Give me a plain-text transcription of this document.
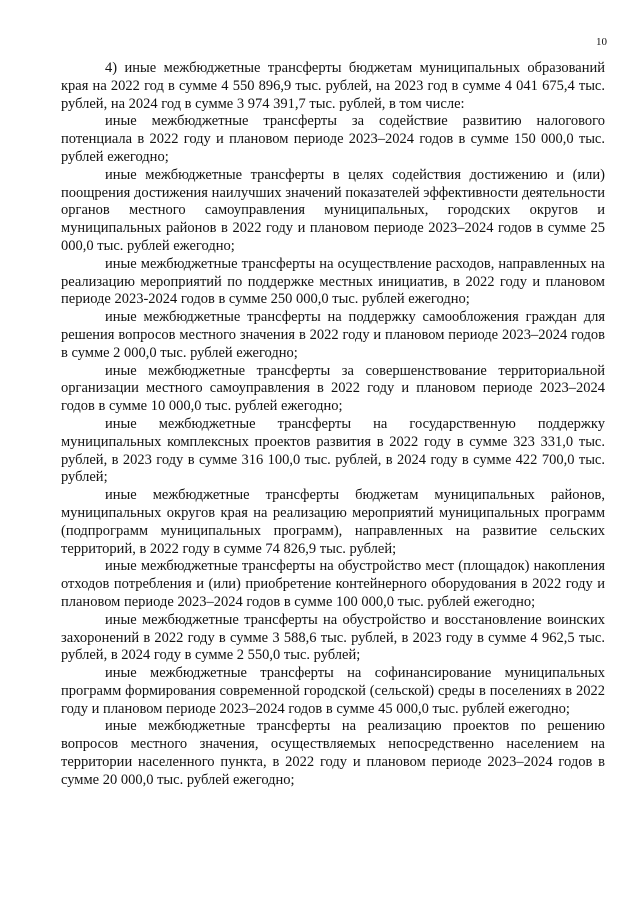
10

4) иные межбюджетные трансферты бюджетам муниципальных образований края на 2022 год в сумме 4 550 896,9 тыс. рублей, на 2023 год в сумме 4 041 675,4 тыс. рублей, на 2024 год в сумме 3 974 391,7 тыс. рублей, в том числе:

иные межбюджетные трансферты за содействие развитию налогового потенциала в 2022 году и плановом периоде 2023–2024 годов в сумме 150 000,0 тыс. рублей ежегодно;

иные межбюджетные трансферты в целях содействия достижению и (или) поощрения достижения наилучших значений показателей эффективности деятельности органов местного самоуправления муниципальных, городских округов и муниципальных районов в 2022 году и плановом периоде 2023–2024 годов в сумме 25 000,0 тыс. рублей ежегодно;

иные межбюджетные трансферты на осуществление расходов, направленных на реализацию мероприятий по поддержке местных инициатив, в 2022 году и плановом периоде 2023-2024 годов в сумме 250 000,0 тыс. рублей ежегодно;

иные межбюджетные трансферты на поддержку самообложения граждан для решения вопросов местного значения в 2022 году и плановом периоде 2023–2024 годов в сумме 2 000,0 тыс. рублей ежегодно;

иные межбюджетные трансферты за совершенствование территориальной организации местного самоуправления в 2022 году и плановом периоде 2023–2024 годов в сумме 10 000,0 тыс. рублей ежегодно;

иные межбюджетные трансферты на государственную поддержку муниципальных комплексных проектов развития в 2022 году в сумме 323 331,0 тыс. рублей, в 2023 году в сумме 316 100,0 тыс. рублей, в 2024 году в сумме 422 700,0 тыс. рублей;

иные межбюджетные трансферты бюджетам муниципальных районов, муниципальных округов края на реализацию мероприятий муниципальных программ (подпрограмм муниципальных программ), направленных на развитие сельских территорий, в 2022 году в сумме 74 826,9 тыс. рублей;

иные межбюджетные трансферты на обустройство мест (площадок) накопления отходов потребления и (или) приобретение контейнерного оборудования в 2022 году и плановом периоде 2023–2024 годов в сумме 100 000,0 тыс. рублей ежегодно;

иные межбюджетные трансферты на обустройство и восстановление воинских захоронений в 2022 году в сумме 3 588,6 тыс. рублей, в 2023 году в сумме 4 962,5 тыс. рублей, в 2024 году в сумме 2 550,0 тыс. рублей;

иные межбюджетные трансферты на софинансирование муниципальных программ формирования современной городской (сельской) среды в поселениях в 2022 году и плановом периоде 2023–2024 годов в сумме 45 000,0 тыс. рублей ежегодно;

иные межбюджетные трансферты на реализацию проектов по решению вопросов местного значения, осуществляемых непосредственно населением на территории населенного пункта, в 2022 году и плановом периоде 2023–2024 годов в сумме 20 000,0 тыс. рублей ежегодно;
